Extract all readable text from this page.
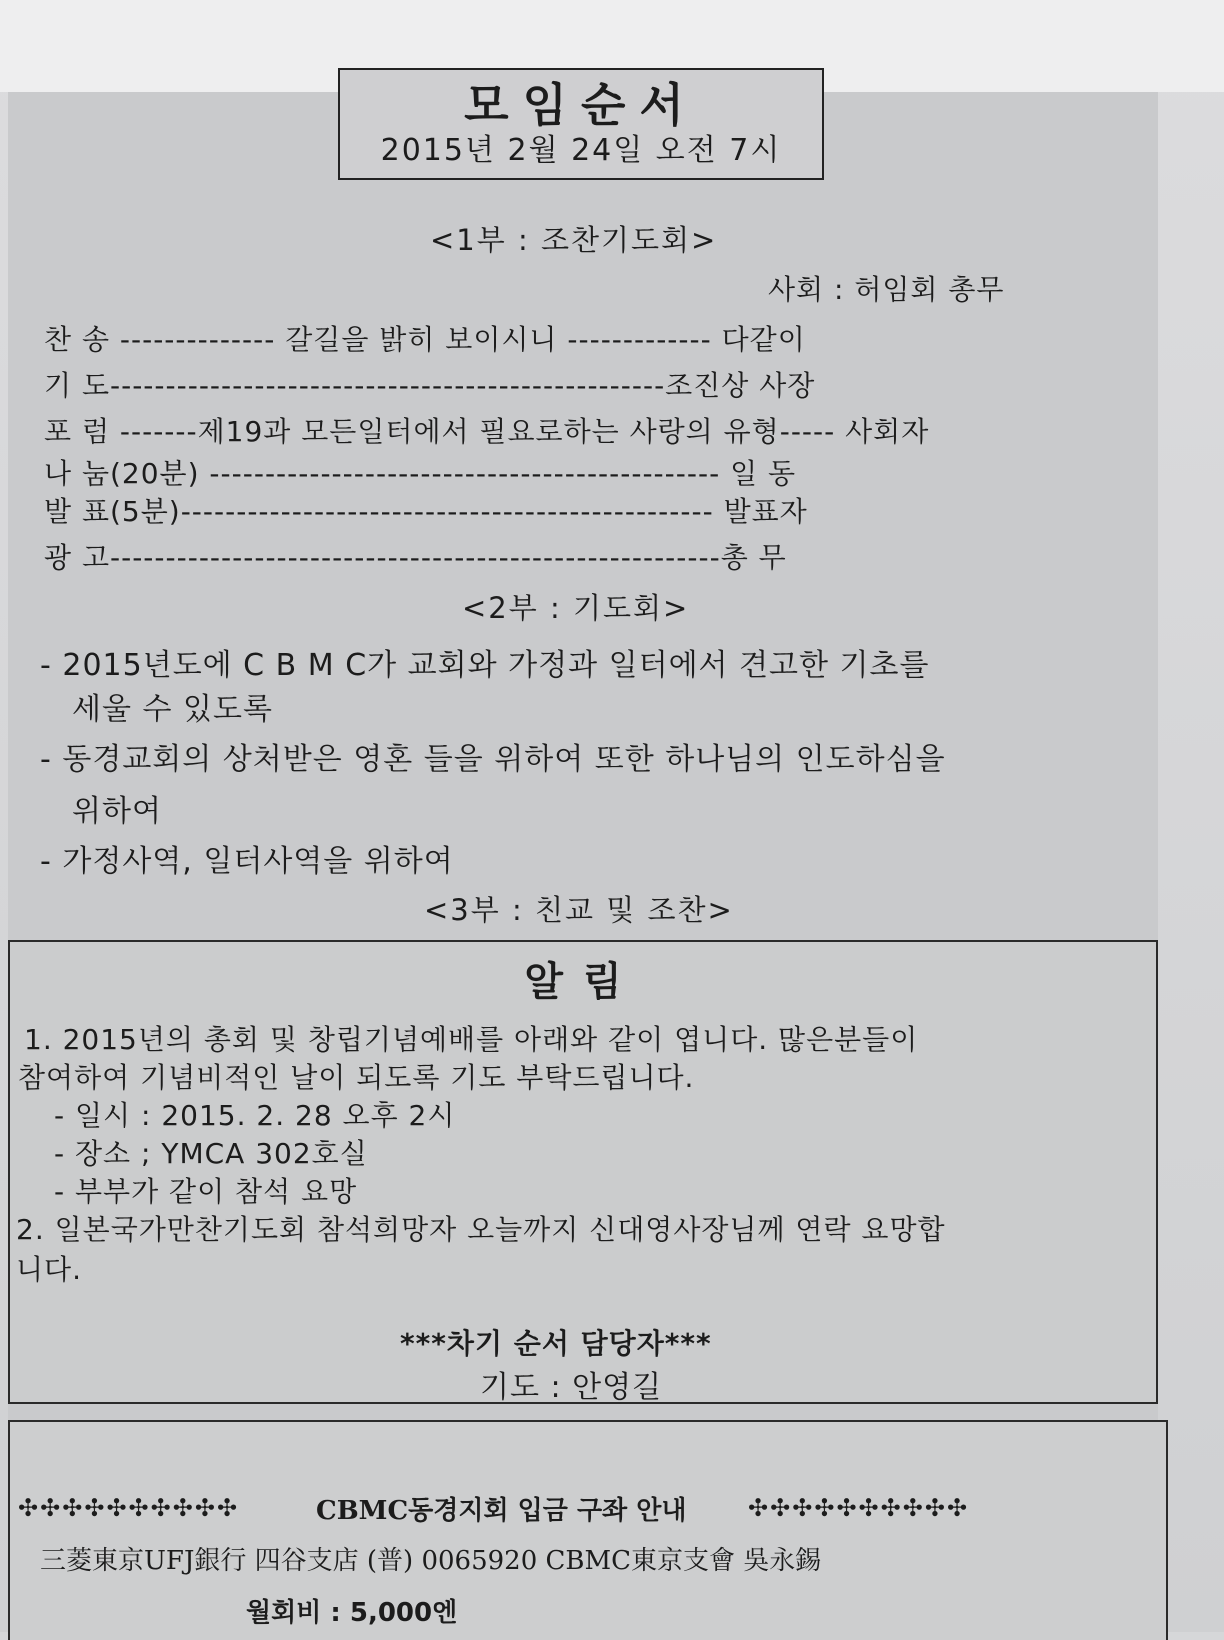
모임순서
2015년 2월 24일 오전 7시
<1부 : 조찬기도회>
사회 : 허임회 총무
찬 송 -------------- 갈길을 밝히 보이시니 ------------- 다같이
기 도--------------------------------------------------조진상 사장
포 럼 -------제19과 모든일터에서 필요로하는 사랑의 유형----- 사회자
나 눔(20분) ---------------------------------------------- 일 동
발 표(5분)------------------------------------------------ 발표자
광 고-------------------------------------------------------총 무
<2부 : 기도회>
- 2015년도에 C B M C가 교회와 가정과 일터에서 견고한 기초를
세울 수 있도록
- 동경교회의 상처받은 영혼 들을 위하여 또한 하나님의 인도하심을
위하여
- 가정사역, 일터사역을 위하여
<3부 : 친교 및 조찬>
알림
1. 2015년의 총회 및 창립기념예배를 아래와 같이 엽니다. 많은분들이
참여하여 기념비적인 날이 되도록 기도 부탁드립니다.
- 일시 : 2015. 2. 28 오후 2시
- 장소 ; YMCA 302호실
- 부부가 같이 참석 요망
2. 일본국가만찬기도회 참석희망자 오늘까지 신대영사장님께 연락 요망합
니다.
***차기 순서 담당자***
기도 : 안영길
✣✣✣✣✣✣✣✣✣✣	CBMC동경지회 입금 구좌 안내	✣✣✣✣✣✣✣✣✣✣
三菱東京UFJ銀行 四谷支店 (普) 0065920 CBMC東京支會 吳永錫
월회비 : 5,000엔
